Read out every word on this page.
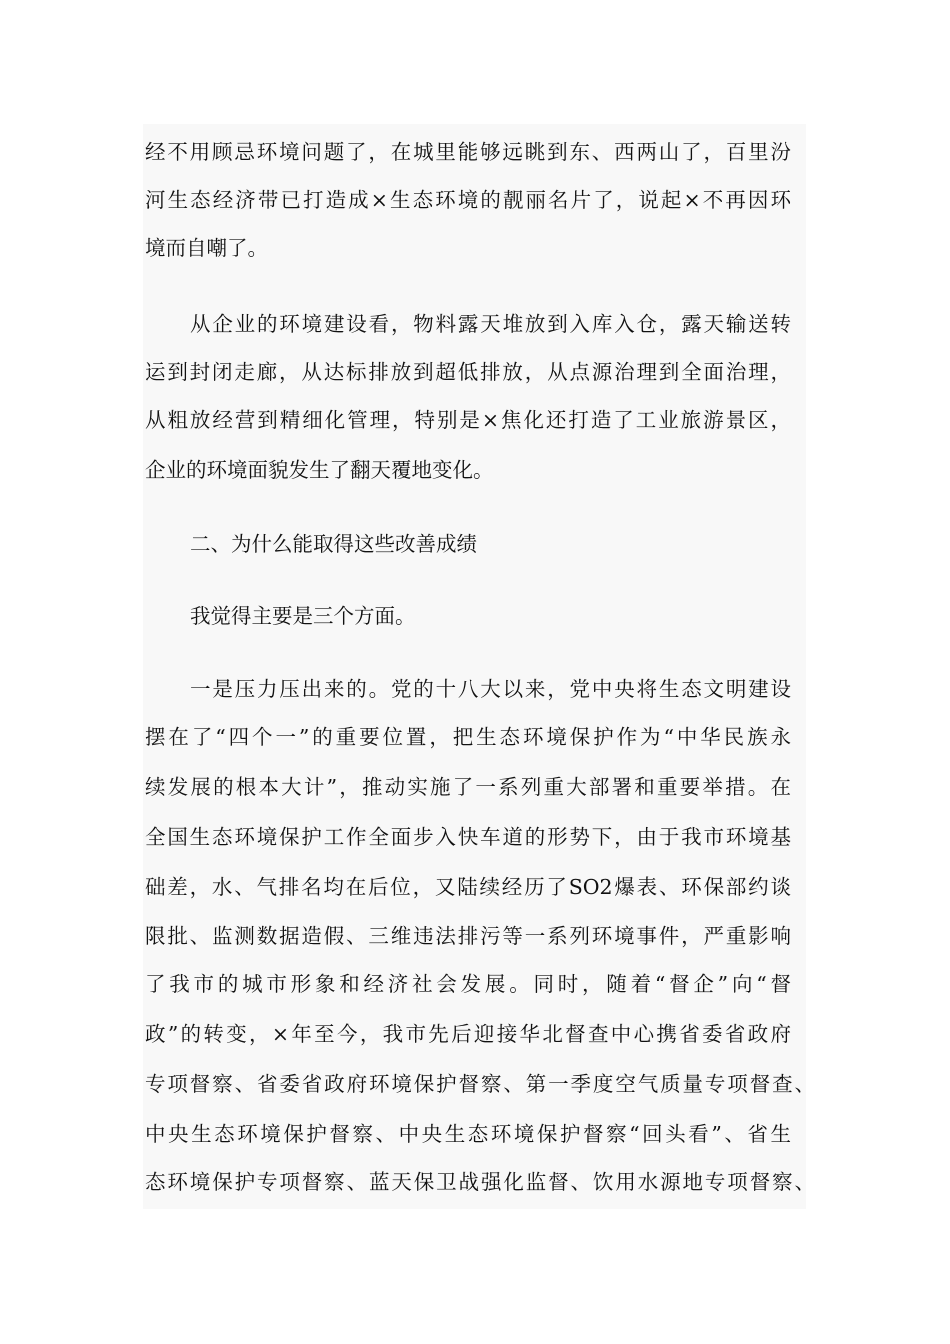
经不用顾忌环境问题了，在城里能够远眺到东、西两山了，百里汾
河生态经济带已打造成×生态环境的靓丽名片了，说起×不再因环
境而自嘲了。
从企业的环境建设看，物料露天堆放到入库入仓，露天输送转
运到封闭走廊，从达标排放到超低排放，从点源治理到全面治理，
从粗放经营到精细化管理，特别是×焦化还打造了工业旅游景区，
企业的环境面貌发生了翻天覆地变化。
二、为什么能取得这些改善成绩
我觉得主要是三个方面。
一是压力压出来的。党的十八大以来，党中央将生态文明建设
摆在了“四个一”的重要位置，把生态环境保护作为“中华民族永
续发展的根本大计”，推动实施了一系列重大部署和重要举措。在
全国生态环境保护工作全面步入快车道的形势下，由于我市环境基
础差，水、气排名均在后位，又陆续经历了SO2爆表、环保部约谈
限批、监测数据造假、三维违法排污等一系列环境事件，严重影响
了我市的城市形象和经济社会发展。同时，随着“督企”向“督
政”的转变，×年至今，我市先后迎接华北督查中心携省委省政府
专项督察、省委省政府环境保护督察、第一季度空气质量专项督查、
中央生态环境保护督察、中央生态环境保护督察“回头看”、省生
态环境保护专项督察、蓝天保卫战强化监督、饮用水源地专项督察、
